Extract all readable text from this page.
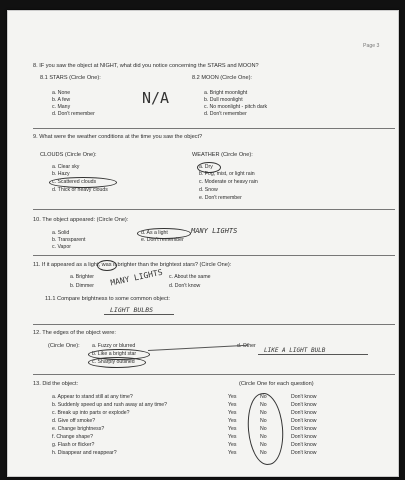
Page 3
8. IF you saw the object at NIGHT, what did you notice concerning the STARS and MOON?
8.1 STARS (Circle One):
a. None
b. A few
c. Many
d. Don't remember
N/A
8.2 MOON (Circle One):
a. Bright moonlight
b. Dull moonlight
c. No moonlight - pitch dark
d. Don't remember
9. What were the weather conditions at the time you saw the object?
CLOUDS (Circle One):
a. Clear sky
b. Hazy
c. Scattered clouds
d. Thick or heavy clouds
WEATHER (Circle One):
a. Dry
b. Fog, mist, or light rain
c. Moderate or heavy rain
d. Snow
e. Don't remember
10. The object appeared: (Circle One):
a. Solid
b. Transparent
c. Vapor
d. As a light
e. Don't remember
MANY LIGHTS
11. If it appeared as a light, was it brighter than the brightest stars? (Circle One):
a. Brighter
b. Dimmer MANY LIGHTS c. About the same
d. Don't know
11.1 Compare brightness to some common object:
LIGHT BULBS
12. The edges of the object were:
(Circle One): a. Fuzzy or blurred
b. Like a bright star
c. Sharply outlined
d. Other
LIKE A LIGHT BULB
13. Did the object:	(Circle One for each question)
a. Appear to stand still at any time?	Yes	No	Don't know
b. Suddenly speed up and rush away at any time?	Yes	No	Don't know
c. Break up into parts or explode?	Yes	No	Don't know
d. Give off smoke?	Yes	No	Don't know
e. Change brightness?	Yes	No	Don't know
f. Change shape?	Yes	No	Don't know
g. Flash or flicker?	Yes	No	Don't know
h. Disappear and reappear?	Yes	No	Don't know
